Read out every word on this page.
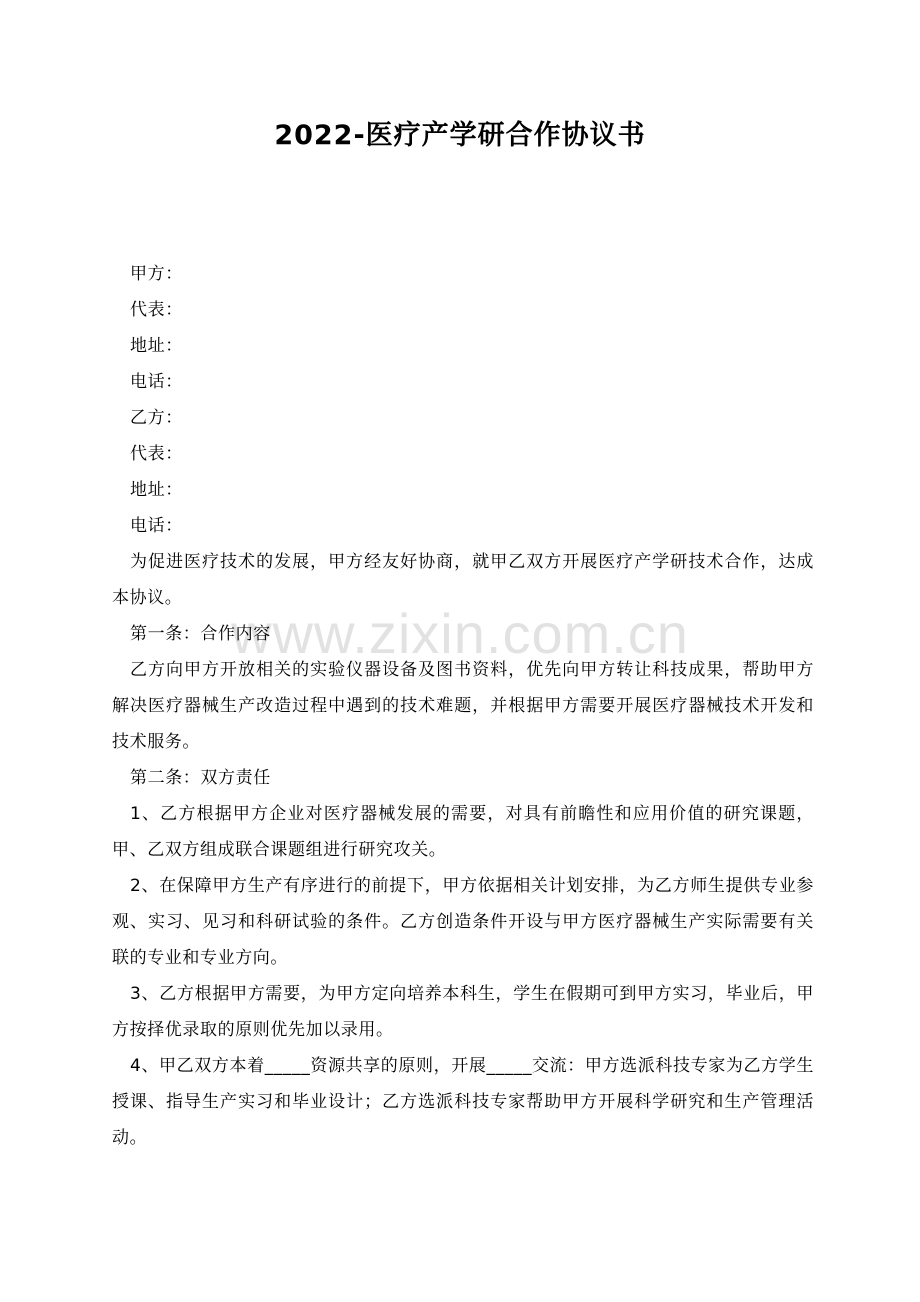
2022-医疗产学研合作协议书
www.zixin.com.cn
甲方：
代表：
地址：
电话：
乙方：
代表：
地址：
电话：

为促进医疗技术的发展，甲方经友好协商，就甲乙双方开展医疗产学研技术合作，达成本协议。

第一条：合作内容

乙方向甲方开放相关的实验仪器设备及图书资料，优先向甲方转让科技成果，帮助甲方解决医疗器械生产改造过程中遇到的技术难题，并根据甲方需要开展医疗器械技术开发和技术服务。

第二条：双方责任

1、乙方根据甲方企业对医疗器械发展的需要，对具有前瞻性和应用价值的研究课题，甲、乙双方组成联合课题组进行研究攻关。

2、在保障甲方生产有序进行的前提下，甲方依据相关计划安排，为乙方师生提供专业参观、实习、见习和科研试验的条件。乙方创造条件开设与甲方医疗器械生产实际需要有关联的专业和专业方向。

3、乙方根据甲方需要，为甲方定向培养本科生，学生在假期可到甲方实习，毕业后，甲方按择优录取的原则优先加以录用。

4、甲乙双方本着_____资源共享的原则，开展_____交流：甲方选派科技专家为乙方学生授课、指导生产实习和毕业设计；乙方选派科技专家帮助甲方开展科学研究和生产管理活动。
